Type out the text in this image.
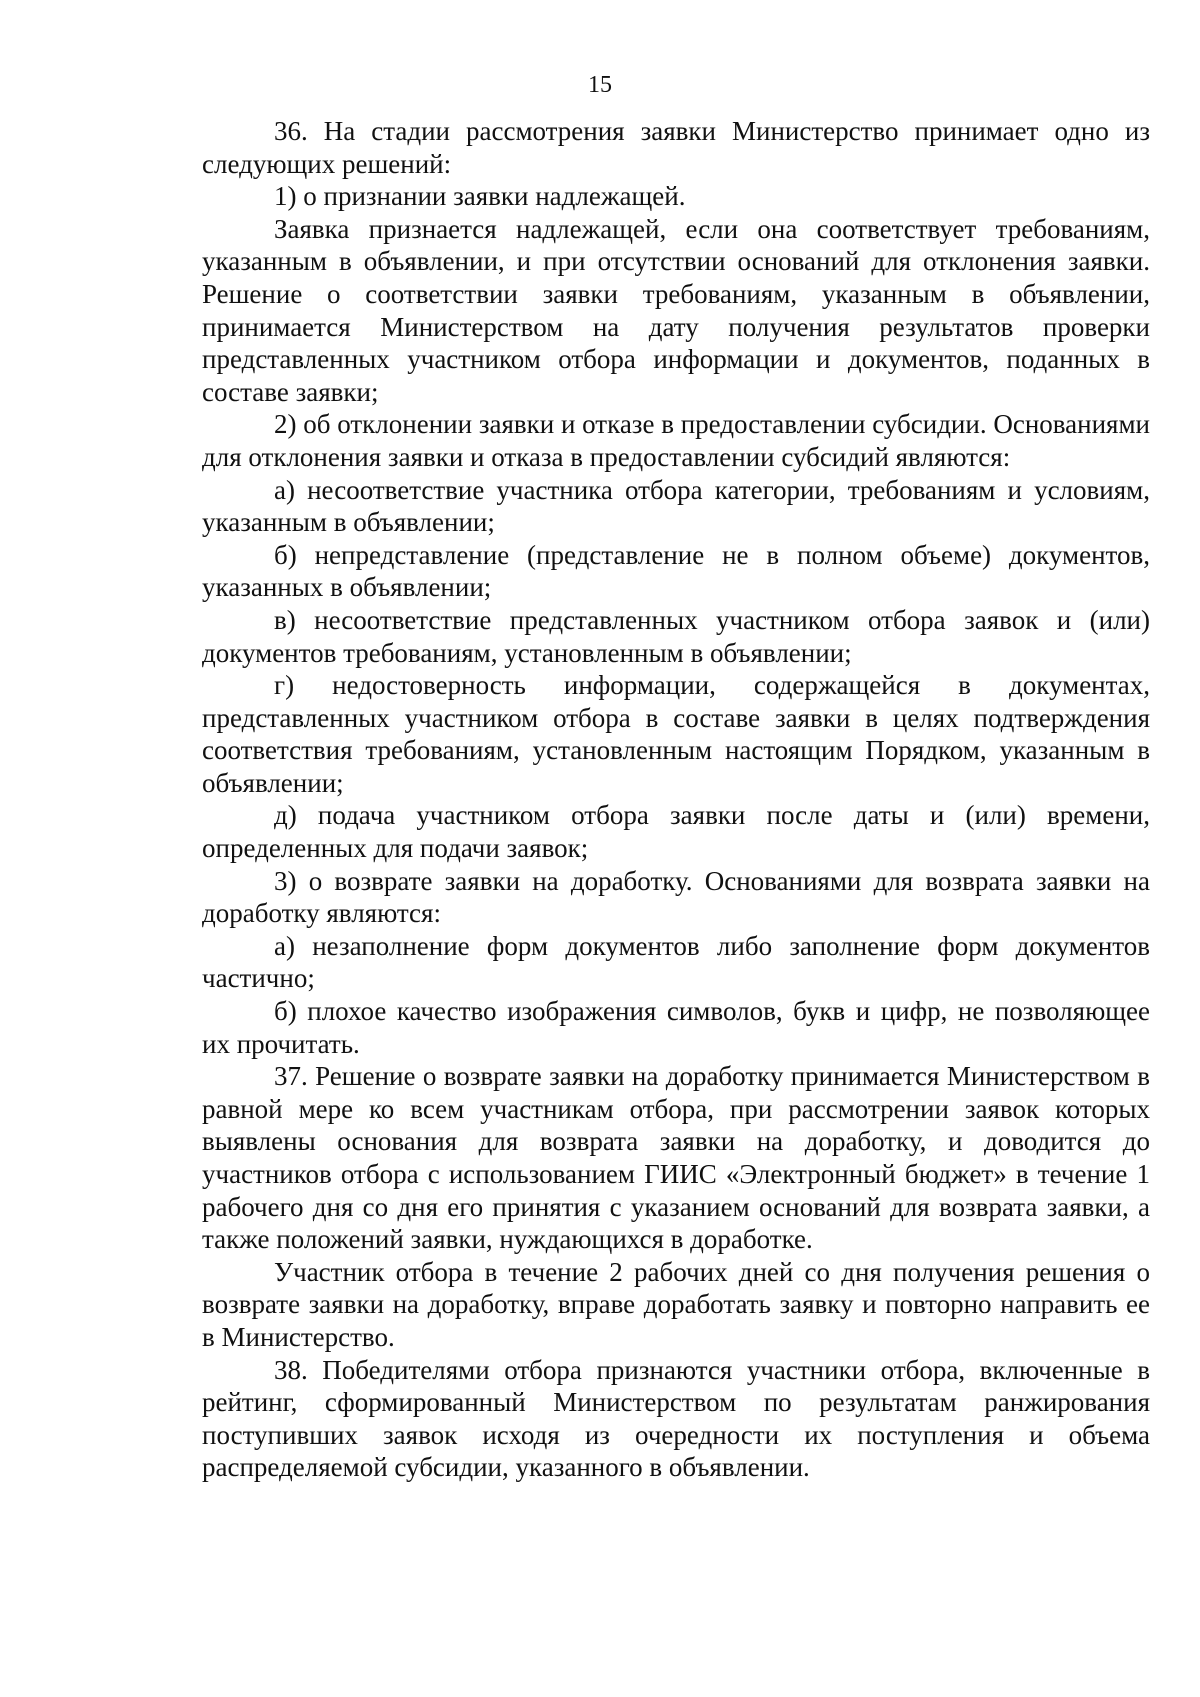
15

36. На стадии рассмотрения заявки Министерство принимает одно из следующих решений:

1) о признании заявки надлежащей.

Заявка признается надлежащей, если она соответствует требованиям, указанным в объявлении, и при отсутствии оснований для отклонения заявки. Решение о соответствии заявки требованиям, указанным в объявлении, принимается Министерством на дату получения результатов проверки представленных участником отбора информации и документов, поданных в составе заявки;

2) об отклонении заявки и отказе в предоставлении субсидии. Основаниями для отклонения заявки и отказа в предоставлении субсидий являются:

а) несоответствие участника отбора категории, требованиям и условиям, указанным в объявлении;

б) непредставление (представление не в полном объеме) документов, указанных в объявлении;

в) несоответствие представленных участником отбора заявок и (или) документов требованиям, установленным в объявлении;

г) недостоверность информации, содержащейся в документах, представленных участником отбора в составе заявки в целях подтверждения соответствия требованиям, установленным настоящим Порядком, указанным в объявлении;

д) подача участником отбора заявки после даты и (или) времени, определенных для подачи заявок;

3) о возврате заявки на доработку. Основаниями для возврата заявки на доработку являются:

а) незаполнение форм документов либо заполнение форм документов частично;

б) плохое качество изображения символов, букв и цифр, не позволяющее их прочитать.

37. Решение о возврате заявки на доработку принимается Министерством в равной мере ко всем участникам отбора, при рассмотрении заявок которых выявлены основания для возврата заявки на доработку, и доводится до участников отбора с использованием ГИИС «Электронный бюджет» в течение 1 рабочего дня со дня его принятия с указанием оснований для возврата заявки, а также положений заявки, нуждающихся в доработке.

Участник отбора в течение 2 рабочих дней со дня получения решения о возврате заявки на доработку, вправе доработать заявку и повторно направить ее в Министерство.

38. Победителями отбора признаются участники отбора, включенные в рейтинг, сформированный Министерством по результатам ранжирования поступивших заявок исходя из очередности их поступления и объема распределяемой субсидии, указанного в объявлении.
